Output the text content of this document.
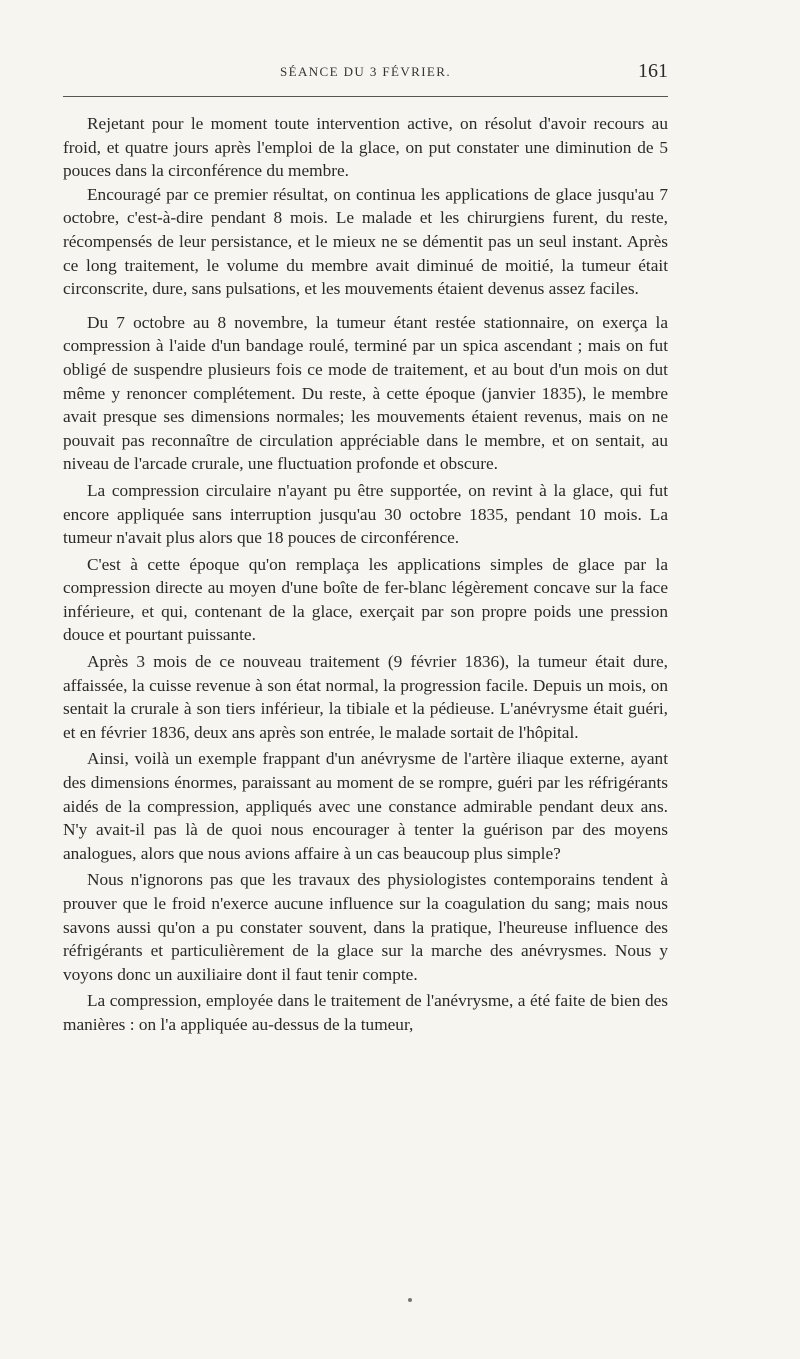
SÉANCE DU 3 FÉVRIER.	161

Rejetant pour le moment toute intervention active, on résolut d'avoir recours au froid, et quatre jours après l'emploi de la glace, on put constater une diminution de 5 pouces dans la circonférence du membre.

Encouragé par ce premier résultat, on continua les applications de glace jusqu'au 7 octobre, c'est-à-dire pendant 8 mois. Le malade et les chirurgiens furent, du reste, récompensés de leur persistance, et le mieux ne se démentit pas un seul instant. Après ce long traitement, le volume du membre avait diminué de moitié, la tumeur était circonscrite, dure, sans pulsations, et les mouvements étaient devenus assez faciles.

Du 7 octobre au 8 novembre, la tumeur étant restée stationnaire, on exerça la compression à l'aide d'un bandage roulé, terminé par un spica ascendant ; mais on fut obligé de suspendre plusieurs fois ce mode de traitement, et au bout d'un mois on dut même y renoncer complétement. Du reste, à cette époque (janvier 1835), le membre avait presque ses dimensions normales; les mouvements étaient revenus, mais on ne pouvait pas reconnaître de circulation appréciable dans le membre, et on sentait, au niveau de l'arcade crurale, une fluctuation profonde et obscure.

La compression circulaire n'ayant pu être supportée, on revint à la glace, qui fut encore appliquée sans interruption jusqu'au 30 octobre 1835, pendant 10 mois. La tumeur n'avait plus alors que 18 pouces de circonférence.

C'est à cette époque qu'on remplaça les applications simples de glace par la compression directe au moyen d'une boîte de fer-blanc légèrement concave sur la face inférieure, et qui, contenant de la glace, exerçait par son propre poids une pression douce et pourtant puissante.

Après 3 mois de ce nouveau traitement (9 février 1836), la tumeur était dure, affaissée, la cuisse revenue à son état normal, la progression facile. Depuis un mois, on sentait la crurale à son tiers inférieur, la tibiale et la pédieuse. L'anévrysme était guéri, et en février 1836, deux ans après son entrée, le malade sortait de l'hôpital.

Ainsi, voilà un exemple frappant d'un anévrysme de l'artère iliaque externe, ayant des dimensions énormes, paraissant au moment de se rompre, guéri par les réfrigérants aidés de la compression, appliqués avec une constance admirable pendant deux ans. N'y avait-il pas là de quoi nous encourager à tenter la guérison par des moyens analogues, alors que nous avions affaire à un cas beaucoup plus simple?

Nous n'ignorons pas que les travaux des physiologistes contemporains tendent à prouver que le froid n'exerce aucune influence sur la coagulation du sang; mais nous savons aussi qu'on a pu constater souvent, dans la pratique, l'heureuse influence des réfrigérants et particulièrement de la glace sur la marche des anévrysmes. Nous y voyons donc un auxiliaire dont il faut tenir compte.

La compression, employée dans le traitement de l'anévrysme, a été faite de bien des manières : on l'a appliquée au-dessus de la tumeur,
